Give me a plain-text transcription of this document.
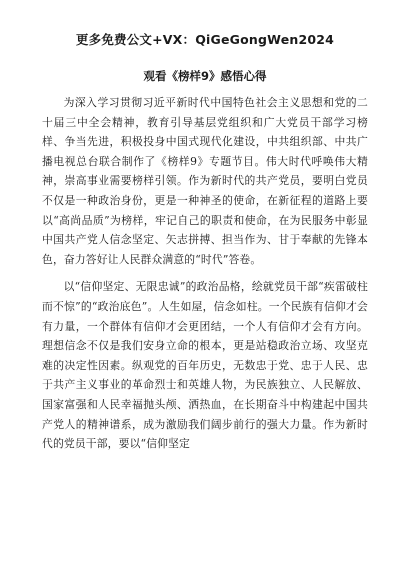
更多免费公文+VX：QiGeGongWen2024
观看《榜样9》感悟心得

为深入学习贯彻习近平新时代中国特色社会主义思想和党的二十届三中全会精神，教育引导基层党组织和广大党员干部学习榜样、争当先进，积极投身中国式现代化建设，中共组织部、中共广播电视总台联合制作了《榜样9》专题节目。伟大时代呼唤伟大精神，崇高事业需要榜样引领。作为新时代的共产党员，要明白党员不仅是一种政治身份，更是一种神圣的使命，在新征程的道路上要以“高尚品质”为榜样，牢记自己的职责和使命，在为民服务中彰显中国共产党人信念坚定、矢志拼搏、担当作为、甘于奉献的先锋本色，奋力答好让人民群众满意的“时代”答卷。

以“信仰坚定、无限忠诚”的政治品格，绘就党员干部“疾雷破柱而不惊”的“政治底色”。人生如屋，信念如柱。一个民族有信仰才会有力量，一个群体有信仰才会更团结，一个人有信仰才会有方向。理想信念不仅是我们安身立命的根本，更是站稳政治立场、攻坚克难的决定性因素。纵观党的百年历史，无数忠于党、忠于人民、忠于共产主义事业的革命烈士和英雄人物，为民族独立、人民解放、国家富强和人民幸福抛头颅、洒热血，在长期奋斗中构建起中国共产党人的精神谱系，成为激励我们阔步前行的强大力量。作为新时代的党员干部，要以“信仰坚定
